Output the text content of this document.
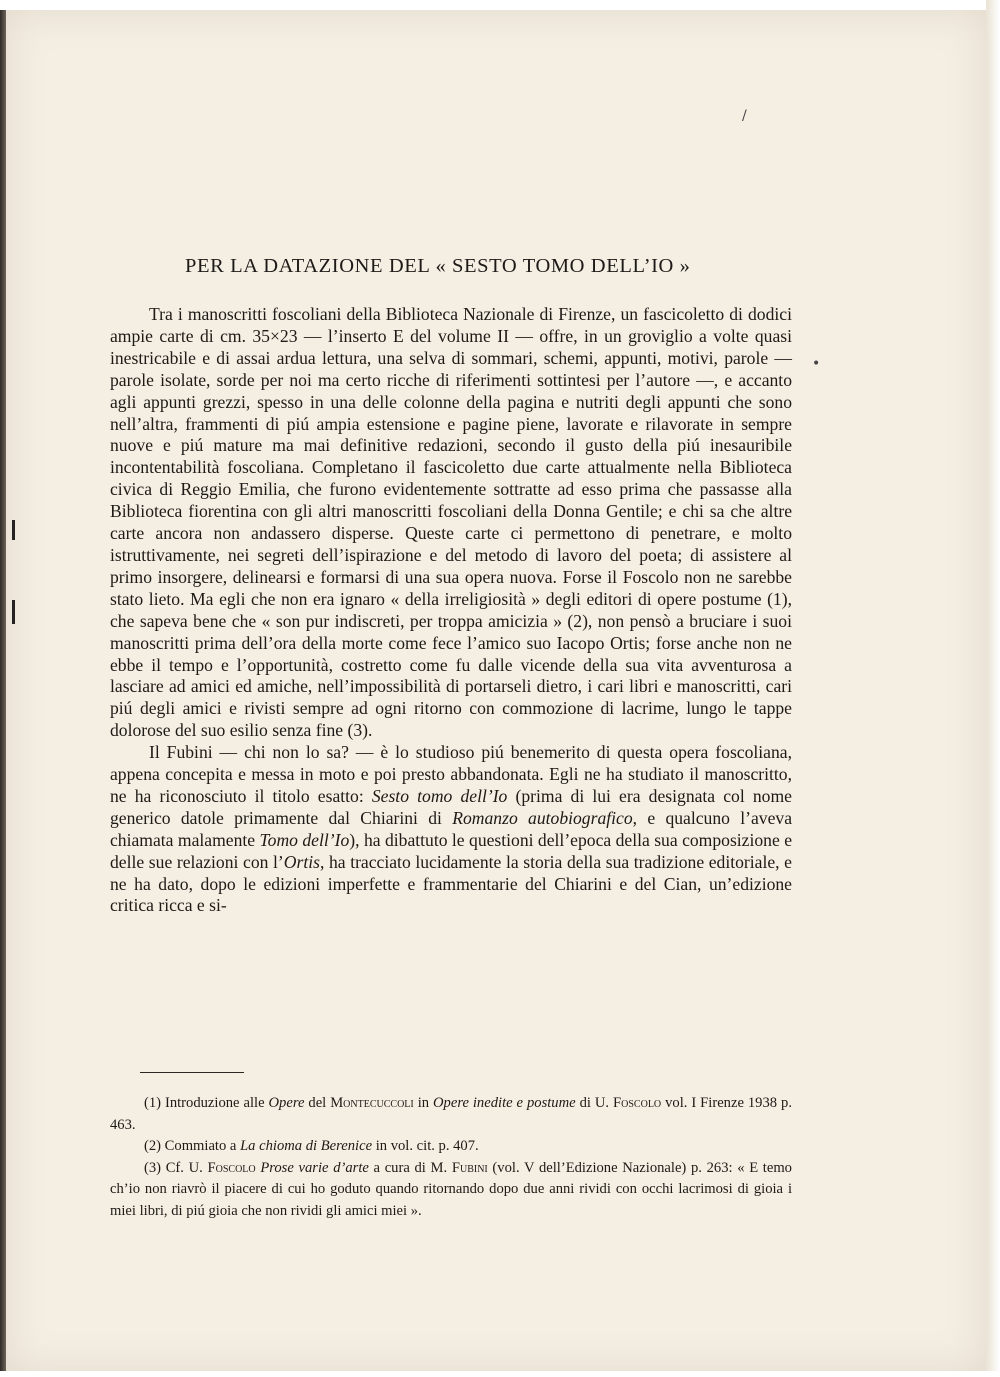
/
•
PER LA DATAZIONE DEL « SESTO TOMO DELL’IO »

Tra i manoscritti foscoliani della Biblioteca Nazionale di Firenze, un fascicoletto di dodici ampie carte di cm. 35×23 — l’inserto E del volume II — offre, in un groviglio a volte quasi inestricabile e di assai ardua lettura, una selva di sommari, schemi, appunti, motivi, parole — parole isolate, sorde per noi ma certo ricche di riferimenti sottintesi per l’autore —, e accanto agli appunti grezzi, spesso in una delle colonne della pagina e nutriti degli appunti che sono nell’altra, frammenti di piú ampia estensione e pagine piene, lavorate e rilavorate in sempre nuove e piú mature ma mai definitive redazioni, secondo il gusto della piú inesauribile incontentabilità foscoliana. Completano il fascicoletto due carte attualmente nella Biblioteca civica di Reggio Emilia, che furono evidentemente sottratte ad esso prima che passasse alla Biblioteca fiorentina con gli altri manoscritti foscoliani della Donna Gentile; e chi sa che altre carte ancora non andassero disperse. Queste carte ci permettono di penetrare, e molto istruttivamente, nei segreti dell’ispirazione e del metodo di lavoro del poeta; di assistere al primo insorgere, delinearsi e formarsi di una sua opera nuova. Forse il Foscolo non ne sarebbe stato lieto. Ma egli che non era ignaro « della irreligiosità » degli editori di opere postume (1), che sapeva bene che « son pur indiscreti, per troppa amicizia » (2), non pensò a bruciare i suoi manoscritti prima dell’ora della morte come fece l’amico suo Iacopo Ortis; forse anche non ne ebbe il tempo e l’opportunità, costretto come fu dalle vicende della sua vita avventurosa a lasciare ad amici ed amiche, nell’impossibilità di portarseli dietro, i cari libri e manoscritti, cari piú degli amici e rivisti sempre ad ogni ritorno con commozione di lacrime, lungo le tappe dolorose del suo esilio senza fine (3).

Il Fubini — chi non lo sa? — è lo studioso piú benemerito di questa opera foscoliana, appena concepita e messa in moto e poi presto abbandonata. Egli ne ha studiato il manoscritto, ne ha riconosciuto il titolo esatto: Sesto tomo dell’Io (prima di lui era designata col nome generico datole primamente dal Chiarini di Romanzo autobiografico, e qualcuno l’aveva chiamata malamente Tomo dell’Io), ha dibattuto le questioni dell’epoca della sua composizione e delle sue relazioni con l’Ortis, ha tracciato lucidamente la storia della sua tradizione editoriale, e ne ha dato, dopo le edizioni imperfette e frammentarie del Chiarini e del Cian, un’edizione critica ricca e si-

(1) Introduzione alle Opere del Montecuccoli in Opere inedite e postume di U. Foscolo vol. I Firenze 1938 p. 463.

(2) Commiato a La chioma di Berenice in vol. cit. p. 407.

(3) Cf. U. Foscolo Prose varie d’arte a cura di M. Fubini (vol. V dell’Edizione Nazionale) p. 263: « E temo ch’io non riavrò il piacere di cui ho goduto quando ritornando dopo due anni rividi con occhi lacrimosi di gioia i miei libri, di piú gioia che non rividi gli amici miei ».
